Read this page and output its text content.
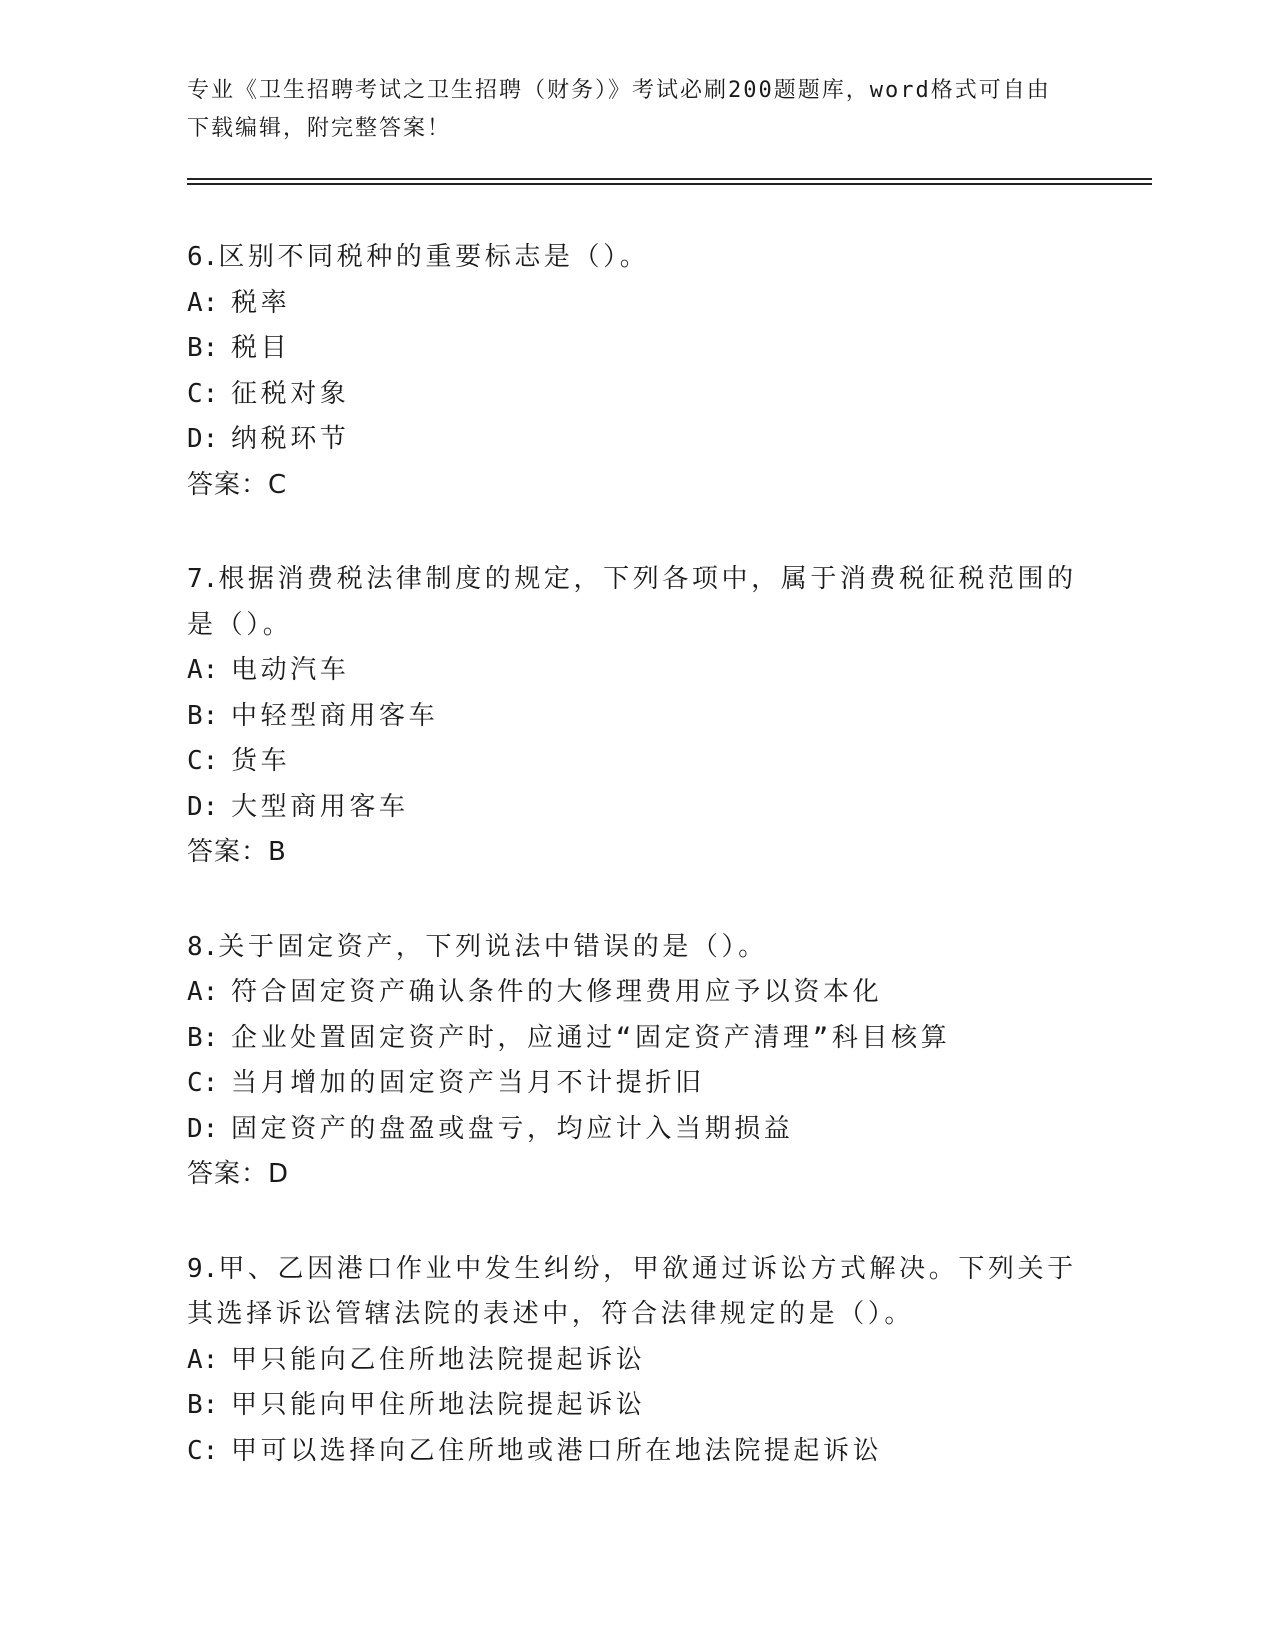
专业《卫生招聘考试之卫生招聘（财务）》考试必刷200题题库，word格式可自由下载编辑，附完整答案！
6.区别不同税种的重要标志是（）。
A: 税率
B: 税目
C: 征税对象
D: 纳税环节
答案：C
7.根据消费税法律制度的规定，下列各项中，属于消费税征税范围的是（）。
A: 电动汽车
B: 中轻型商用客车
C: 货车
D: 大型商用客车
答案：B
8.关于固定资产，下列说法中错误的是（）。
A: 符合固定资产确认条件的大修理费用应予以资本化
B: 企业处置固定资产时，应通过“固定资产清理”科目核算
C: 当月增加的固定资产当月不计提折旧
D: 固定资产的盘盈或盘亏，均应计入当期损益
答案：D
9.甲、乙因港口作业中发生纠纷，甲欲通过诉讼方式解决。下列关于其选择诉讼管辖法院的表述中，符合法律规定的是（）。
A: 甲只能向乙住所地法院提起诉讼
B: 甲只能向甲住所地法院提起诉讼
C: 甲可以选择向乙住所地或港口所在地法院提起诉讼
